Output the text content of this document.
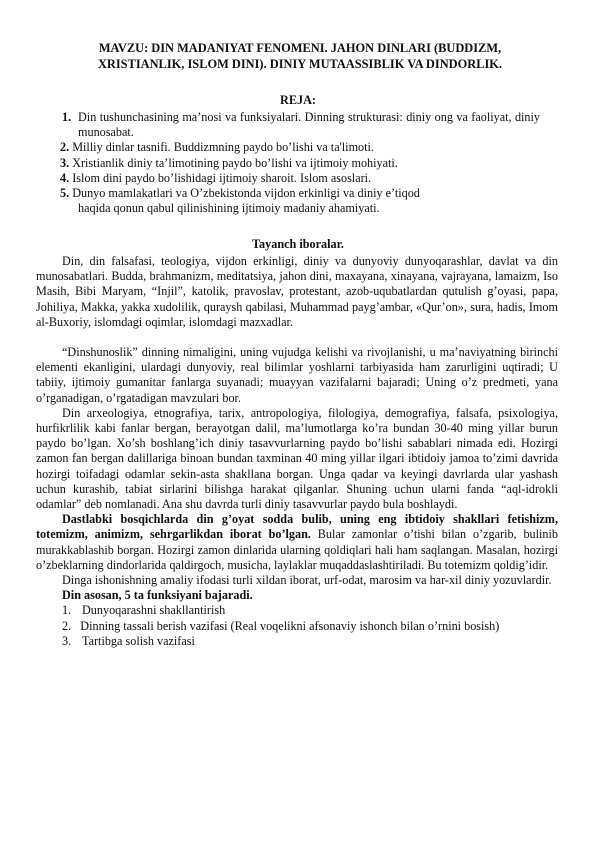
MAVZU: DIN MADANIYAT FENOMENI. JAHON DINLARI (BUDDIZM,
XRISTIANLIK, ISLOM DINI). DINIY MUTAASSIBLIK VA DINDORLIK.
REJA:
1. Din tushunchasining ma’nosi va funksiyalari. Dinning strukturasi: diniy ong va faoliyat, diniy munosabat.
2. Milliy dinlar tasnifi. Buddizmning paydo bo’lishi va ta'limoti.
3. Xristianlik diniy ta’limotining paydo bo’lishi va ijtimoiy mohiyati.
4. Islom dini paydo bo’lishidagi ijtimoiy sharoit. Islom asoslari.
5. Dunyo mamlakatlari va O’zbekistonda vijdon erkinligi va diniy e’tiqod
haqida qonun qabul qilinishining ijtimoiy madaniy ahamiyati.
Tayanch iboralar.

Din, din falsafasi, teologiya, vijdon erkinligi, diniy va dunyoviy dunyoqarashlar, davlat va din munosabatlari. Budda, brahmanizm, meditatsiya, jahon dini, maxayana, xinayana, vajrayana, lamaizm, Iso Masih, Bibi Maryam, “Injil”, katolik, pravoslav, protestant, azob-uqubatlardan qutulish g’oyasi, papa, Johiliya, Makka, yakka xudolilik, quraysh qabilasi, Muhammad payg’ambar, «Qur’on», sura, hadis, Imom al-Buxoriy, islomdagi oqimlar, islomdagi mazxadlar.

“Dinshunoslik” dinning nimaligini, uning vujudga kelishi va rivojlanishi, u ma’naviyatning birinchi elementi ekanligini, ulardagi dunyoviy, real bilimlar yoshlarni tarbiyasida ham zarurligini uqtiradi; U tabiiy, ijtimoiy gumanitar fanlarga suyanadi; muayyan vazifalarni bajaradi; Uning o’z predmeti, yana o’rganadigan, o’rgatadigan mavzulari bor.

Din arxeologiya, etnografiya, tarix, antropologiya, filologiya, demografiya, falsafa, psixologiya, hurfikrlilik kabi fanlar bergan, berayotgan dalil, ma’lumotlarga ko’ra bundan 30-40 ming yillar burun paydo bo’lgan. Xo’sh boshlang’ich diniy tasavvurlarning paydo bo’lishi sabablari nimada edi. Hozirgi zamon fan bergan dalillariga binoan bundan taxminan 40 ming yillar ilgari ibtidoiy jamoa to’zimi davrida hozirgi toifadagi odamlar sekin-asta shakllana borgan. Unga qadar va keyingi davrlarda ular yashash uchun kurashib, tabiat sirlarini bilishga harakat qilganlar. Shuning uchun ularni fanda “aql-idrokli odamlar” deb nomlanadi. Ana shu davrda turli diniy tasavvurlar paydo bula boshlaydi.

Dastlabki bosqichlarda din g’oyat sodda bulib, uning eng ibtidoiy shakllari fetishizm, totemizm, animizm, sehrgarlikdan iborat bo’lgan. Bular zamonlar o’tishi bilan o’zgarib, bulinib murakkablashib borgan. Hozirgi zamon dinlarida ularning qoldiqlari hali ham saqlangan. Masalan, hozirgi o’zbeklarning dindorlarida qaldirgoch, musicha, laylaklar muqaddaslashtiriladi. Bu totemizm qoldig’idir.

Dinga ishonishning amaliy ifodasi turli xildan iborat, urf-odat, marosim va har-xil diniy yozuvlardir.

Din asosan, 5 ta funksiyani bajaradi.

1. Dunyoqarashni shakllantirish
2. Dinning tassali berish vazifasi (Real voqelikni afsonaviy ishonch bilan o’rnini bosish)
3. Tartibga solish vazifasi
